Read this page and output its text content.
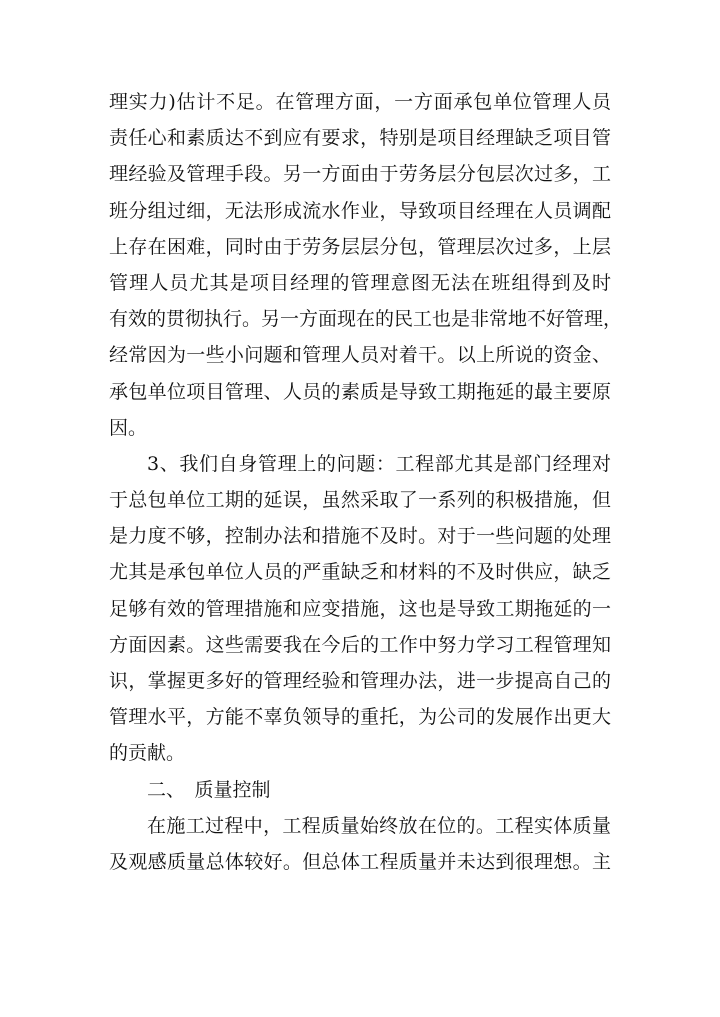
理实力)估计不足。在管理方面，一方面承包单位管理人员
责任心和素质达不到应有要求，特别是项目经理缺乏项目管
理经验及管理手段。另一方面由于劳务层分包层次过多，工
班分组过细，无法形成流水作业，导致项目经理在人员调配
上存在困难，同时由于劳务层层分包，管理层次过多，上层
管理人员尤其是项目经理的管理意图无法在班组得到及时
有效的贯彻执行。另一方面现在的民工也是非常地不好管理，
经常因为一些小问题和管理人员对着干。以上所说的资金、
承包单位项目管理、人员的素质是导致工期拖延的最主要原
因。
3、我们自身管理上的问题：工程部尤其是部门经理对
于总包单位工期的延误，虽然采取了一系列的积极措施，但
是力度不够，控制办法和措施不及时。对于一些问题的处理
尤其是承包单位人员的严重缺乏和材料的不及时供应，缺乏
足够有效的管理措施和应变措施，这也是导致工期拖延的一
方面因素。这些需要我在今后的工作中努力学习工程管理知
识，掌握更多好的管理经验和管理办法，进一步提高自己的
管理水平，方能不辜负领导的重托，为公司的发展作出更大
的贡献。
二、　质量控制
在施工过程中，工程质量始终放在位的。工程实体质量
及观感质量总体较好。但总体工程质量并未达到很理想。主
